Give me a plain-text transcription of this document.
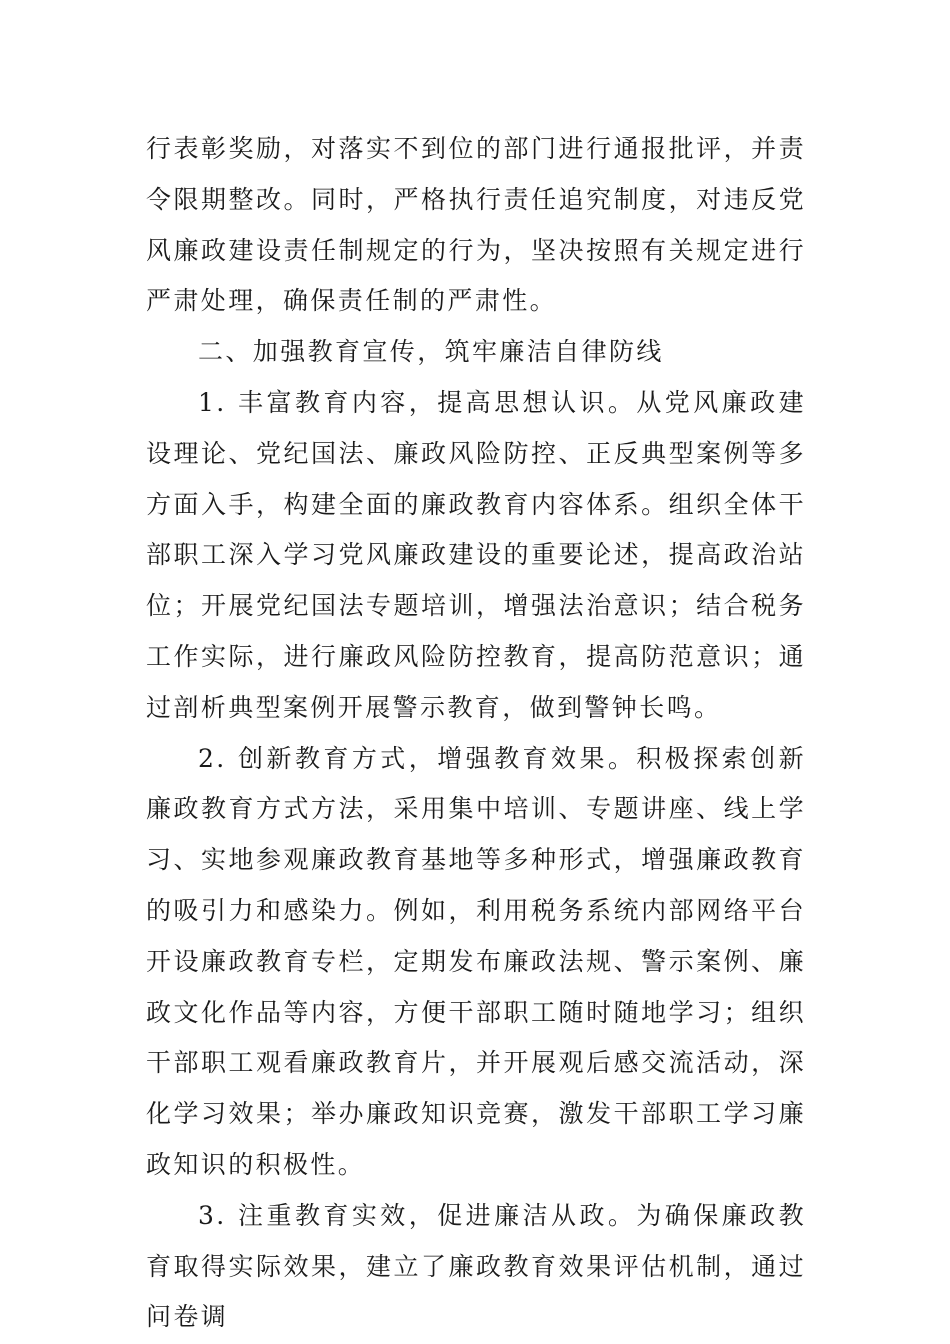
行表彰奖励，对落实不到位的部门进行通报批评，并责令限期整改。同时，严格执行责任追究制度，对违反党风廉政建设责任制规定的行为，坚决按照有关规定进行严肃处理，确保责任制的严肃性。

二、加强教育宣传，筑牢廉洁自律防线

1. 丰富教育内容，提高思想认识。从党风廉政建设理论、党纪国法、廉政风险防控、正反典型案例等多方面入手，构建全面的廉政教育内容体系。组织全体干部职工深入学习党风廉政建设的重要论述，提高政治站位；开展党纪国法专题培训，增强法治意识；结合税务工作实际，进行廉政风险防控教育，提高防范意识；通过剖析典型案例开展警示教育，做到警钟长鸣。

2. 创新教育方式，增强教育效果。积极探索创新廉政教育方式方法，采用集中培训、专题讲座、线上学习、实地参观廉政教育基地等多种形式，增强廉政教育的吸引力和感染力。例如，利用税务系统内部网络平台开设廉政教育专栏，定期发布廉政法规、警示案例、廉政文化作品等内容，方便干部职工随时随地学习；组织干部职工观看廉政教育片，并开展观后感交流活动，深化学习效果；举办廉政知识竞赛，激发干部职工学习廉政知识的积极性。

3. 注重教育实效，促进廉洁从政。为确保廉政教育取得实际效果，建立了廉政教育效果评估机制，通过问卷调
